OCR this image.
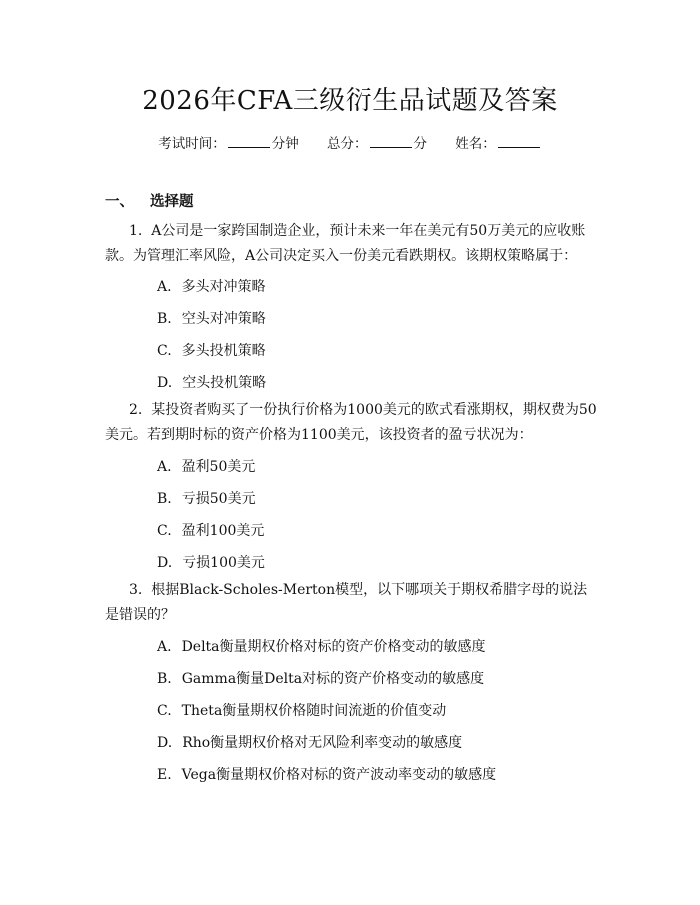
2026年CFA三级衍生品试题及答案
考试时间：	分钟 总分：	分 姓名：
一、 选择题
1. A公司是一家跨国制造企业，预计未来一年在美元有50万美元的应收账款。为管理汇率风险，A公司决定买入一份美元看跌期权。该期权策略属于：
A. 多头对冲策略
B. 空头对冲策略
C. 多头投机策略
D. 空头投机策略
2. 某投资者购买了一份执行价格为1000美元的欧式看涨期权，期权费为50美元。若到期时标的资产价格为1100美元，该投资者的盈亏状况为：
A. 盈利50美元
B. 亏损50美元
C. 盈利100美元
D. 亏损100美元
3. 根据Black-Scholes-Merton模型，以下哪项关于期权希腊字母的说法是错误的？
A. Delta衡量期权价格对标的资产价格变动的敏感度
B. Gamma衡量Delta对标的资产价格变动的敏感度
C. Theta衡量期权价格随时间流逝的价值变动
D. Rho衡量期权价格对无风险利率变动的敏感度
E. Vega衡量期权价格对标的资产波动率变动的敏感度
